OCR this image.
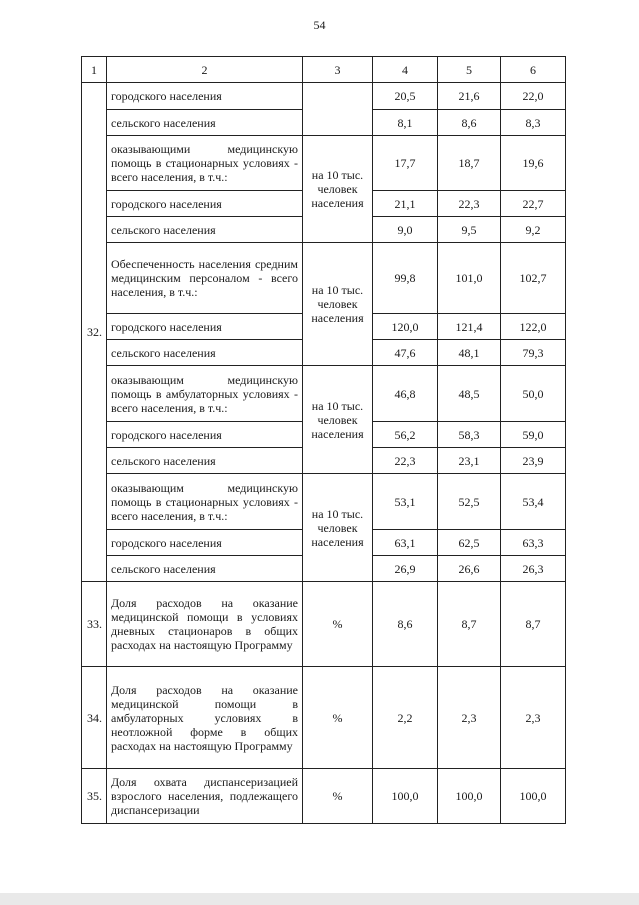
54
1	2	3	4	5	6
32.	городского населения		20,5	21,6	22,0
	сельского населения		8,1	8,6	8,3
	оказывающими медицинскую помощь в стационарных условиях - всего населения, в т.ч.:	на 10 тыс. человек населения	17,7	18,7	19,6
	городского населения		21,1	22,3	22,7
	сельского населения		9,0	9,5	9,2
	Обеспеченность населения средним медицинским персоналом - всего населения, в т.ч.:	на 10 тыс. человек населения	99,8	101,0	102,7
	городского населения		120,0	121,4	122,0
	сельского населения		47,6	48,1	79,3
	оказывающим медицинскую помощь в амбулаторных условиях - всего населения, в т.ч.:	на 10 тыс. человек населения	46,8	48,5	50,0
	городского населения		56,2	58,3	59,0
	сельского населения		22,3	23,1	23,9
	оказывающим медицинскую помощь в стационарных условиях - всего населения, в т.ч.:	на 10 тыс. человек населения	53,1	52,5	53,4
	городского населения		63,1	62,5	63,3
	сельского населения		26,9	26,6	26,3
33.	Доля расходов на оказание медицинской помощи в условиях дневных стационаров в общих расходах на настоящую Программу	%	8,6	8,7	8,7
34.	Доля расходов на оказание медицинской помощи в амбулаторных условиях в неотложной форме в общих расходах на настоящую Программу	%	2,2	2,3	2,3
35.	Доля охвата диспансеризацией взрослого населения, подлежащего диспансеризации	%	100,0	100,0	100,0
